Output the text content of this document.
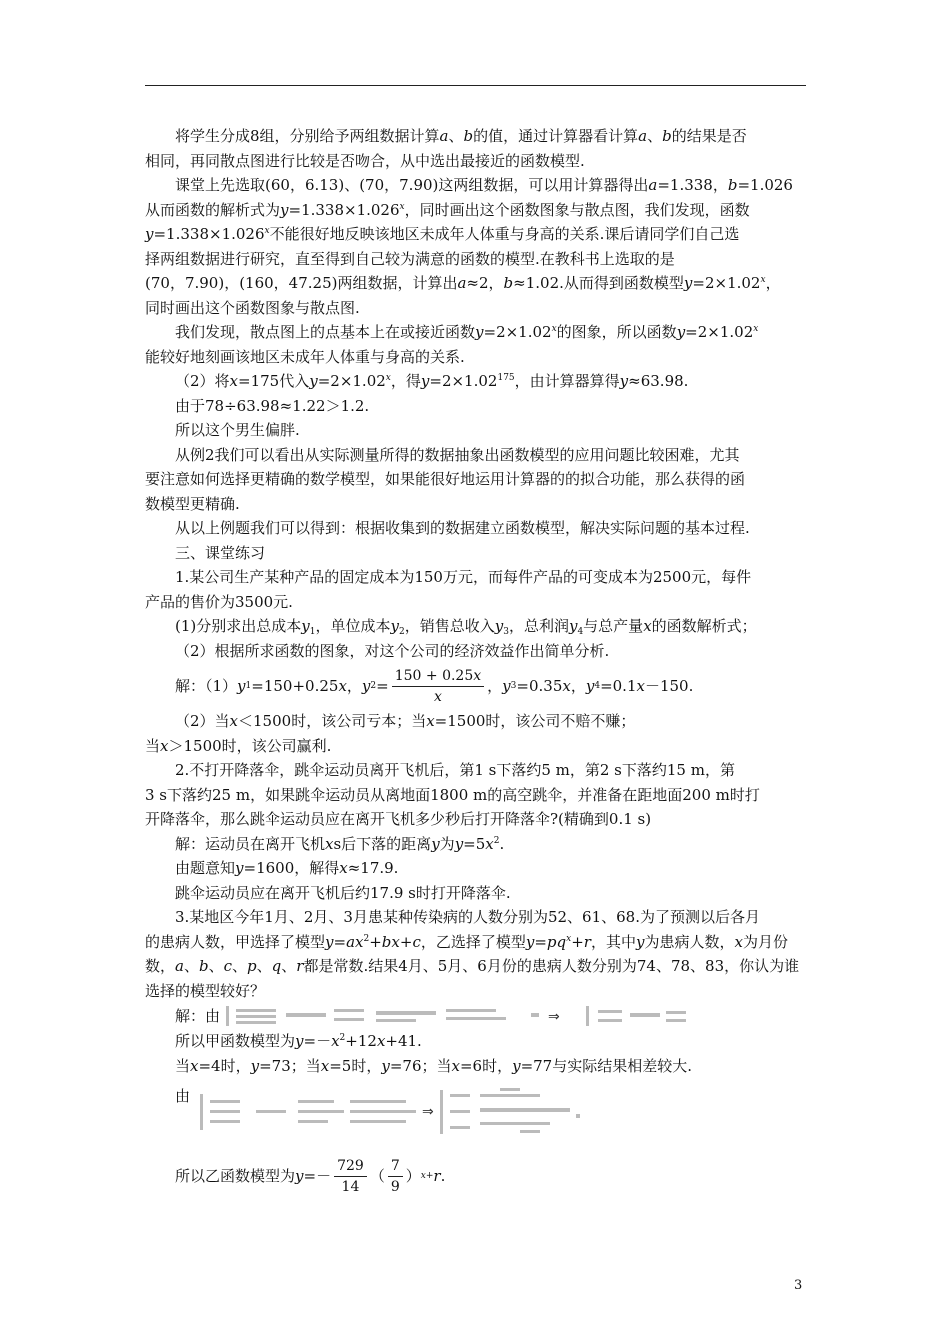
将学生分成8组，分别给予两组数据计算a、b的值，通过计算器看计算a、b的结果是否
相同，再同散点图进行比较是否吻合，从中选出最接近的函数模型.

课堂上先选取(60，6.13)、(70，7.90)这两组数据，可以用计算器得出a=1.338，b=1.026
从而函数的解析式为$y=1.338\times 1.026^x$，同时画出这个函数图象与散点图，我们发现，函数
$y=1.338\times 1.026^x$不能很好地反映该地区未成年人体重与身高的关系.课后请同学们自己选
择两组数据进行研究，直至得到自己较为满意的函数的模型.在教科书上选取的是
(70，7.90)，(160，47.25)两组数据，计算出a≈2，b≈1.02.从而得到函数模型$y=2\times 1.02^x$，
同时画出这个函数图象与散点图.

我们发现，散点图上的点基本上在或接近函数$y=2\times 1.02^x$的图象，所以函数$y=2\times 1.02^x$
能较好地刻画该地区未成年人体重与身高的关系.

（2）将x=175代入$y=2\times 1.02^x$，得$y=2\times 1.02^{175}$，由计算器算得y≈63.98.

由于78÷63.98≈1.22＞1.2.

所以这个男生偏胖.

从例2我们可以看出从实际测量所得的数据抽象出函数模型的应用问题比较困难，尤其
要注意如何选择更精确的数学模型，如果能很好地运用计算器的的拟合功能，那么获得的函
数模型更精确.

从以上例题我们可以得到：根据收集到的数据建立函数模型，解决实际问题的基本过程.

三、课堂练习

1.某公司生产某种产品的固定成本为150万元，而每件产品的可变成本为2500元，每件
产品的售价为3500元.
(1)分别求出总成本$y_1$，单位成本$y_2$，销售总收入$y_3$，总利润$y_4$与总产量x的函数解析式；
（2）根据所求函数的图象，对这个公司的经济效益作出简单分析.

解：（1） y 1 =150+0.25 x ， y $2 = \frac{150 + 0.25x}{x}$ ， y 3 =0.35 x ， y 4 =0.1 x －150.

（2）当x＜1500时，该公司亏本；当x=1500时，该公司不赔不赚；
当x＞1500时，该公司赢利.

2.不打开降落伞，跳伞运动员离开飞机后，第1 s下落约5 m，第2 s下落约15 m，第
3 s下落约25 m，如果跳伞运动员从离地面1800 m的高空跳伞，并准备在距地面200 m时打
开降落伞，那么跳伞运动员应在离开飞机多少秒后打开降落伞?(精确到0.1 s)
解：运动员在离开飞机xs后下落的距离y为$y=5x^2$.
由题意知y=1600，解得x≈17.9.
跳伞运动员应在离开飞机后约17.9 s时打开降落伞.

3.某地区今年1月、2月、3月患某种传染病的人数分别为52、61、68.为了预测以后各月
的患病人数，甲选择了模型$y=ax^2+bx+c$，乙选择了模型$y=pq^x+r$，其中y为患病人数，x为月份
数，a、b、c、p、q、r都是常数.结果4月、5月、6月份的患病人数分别为74、78、83，你认为谁
选择的模型较好？

解：由	⇒

所以甲函数模型为$y=-x^2+12x+41$.
当x=4时，y=73；当x=5时，y=76；当x=6时，y=77与实际结果相差较大.

由
⇒
所以乙函数模型为 $y =- \frac{729}{14}$ （ $\frac{7}{9}$ ） x + r .
3
